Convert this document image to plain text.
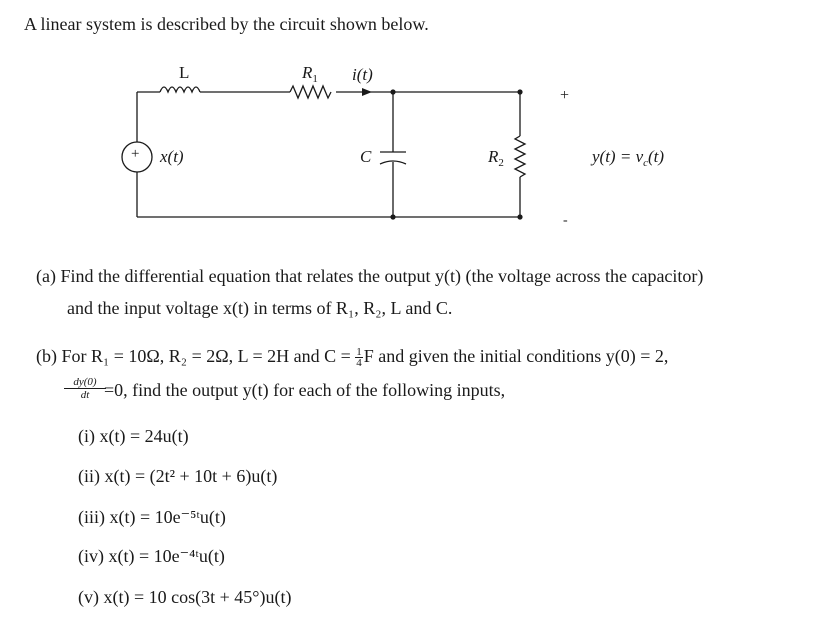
A linear system is described by the circuit shown below.
L	$R_1$ i(t)
+ x(t)	C	$R_2$
+
-
$y(t) = v_c(t)$
(a) Find the differential equation that relates the output y(t) (the voltage across the capacitor)
and the input voltage x(t) in terms of R₁, R₂, L and C.
(b) For R₁ = 10Ω, R₂ = 2Ω, L = 2H and $C = \frac{1}{4}$ F and given the initial conditions y(0) = 2,
$\frac{dy(0)}{dt}$
=0, find the output y(t) for each of the following inputs,
(i) x(t) = 24u(t)
(ii) x(t) = (2t² + 10t + 6)u(t)
(iii) x(t) = 10e⁻⁵ᵗu(t)
(iv) x(t) = 10e⁻⁴ᵗu(t)
(v) x(t) = 10 cos(3t + 45°)u(t)
